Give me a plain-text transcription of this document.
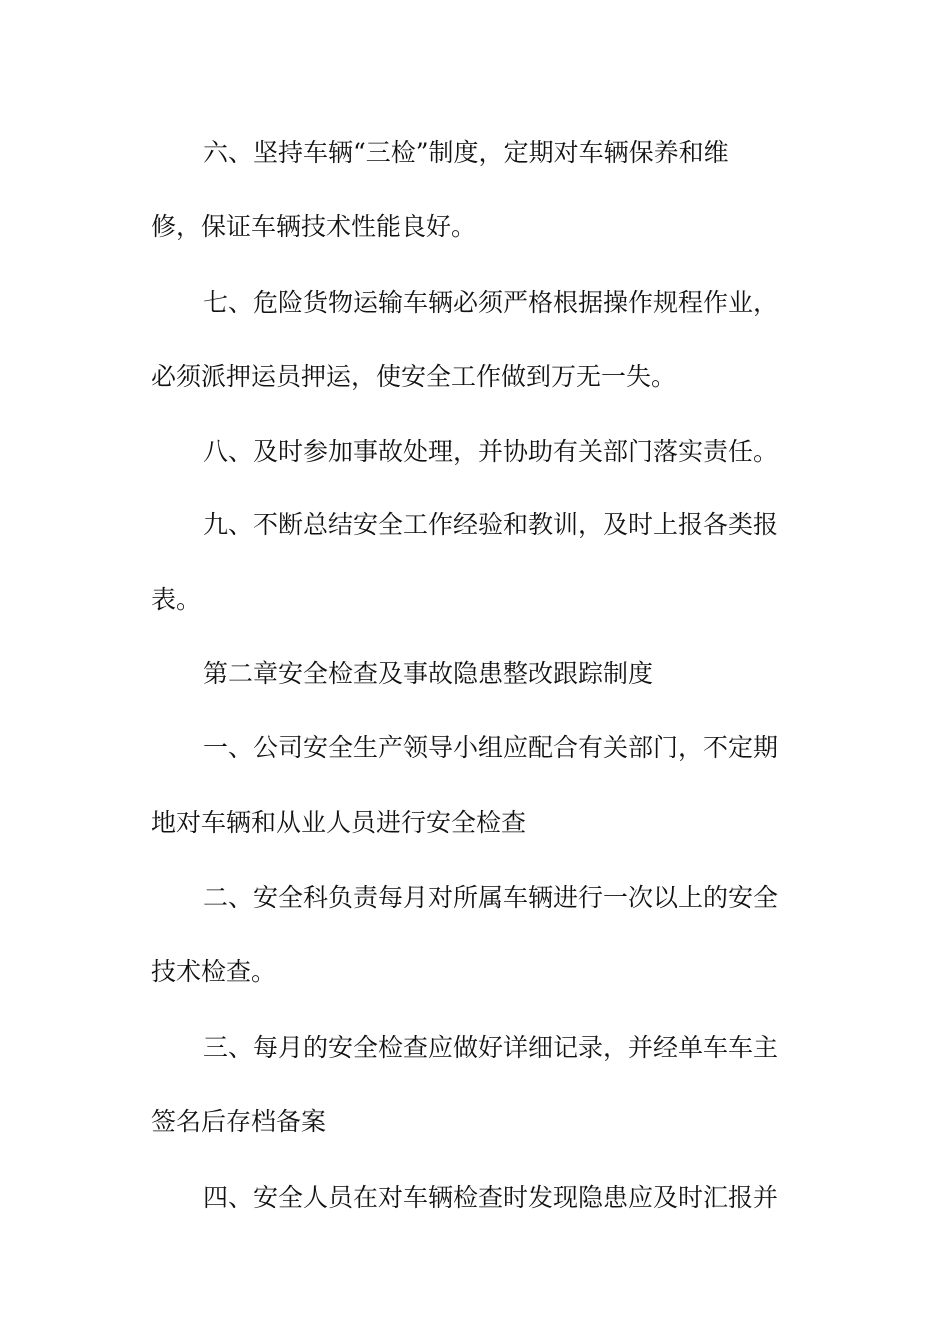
六、坚持车辆“三检”制度，定期对车辆保养和维
修，保证车辆技术性能良好。
七、危险货物运输车辆必须严格根据操作规程作业，
必须派押运员押运，使安全工作做到万无一失。
八、及时参加事故处理，并协助有关部门落实责任。
九、不断总结安全工作经验和教训，及时上报各类报
表。
第二章安全检查及事故隐患整改跟踪制度
一、公司安全生产领导小组应配合有关部门，不定期
地对车辆和从业人员进行安全检查
二、安全科负责每月对所属车辆进行一次以上的安全
技术检查。
三、每月的安全检查应做好详细记录，并经单车车主
签名后存档备案
四、安全人员在对车辆检查时发现隐患应及时汇报并
